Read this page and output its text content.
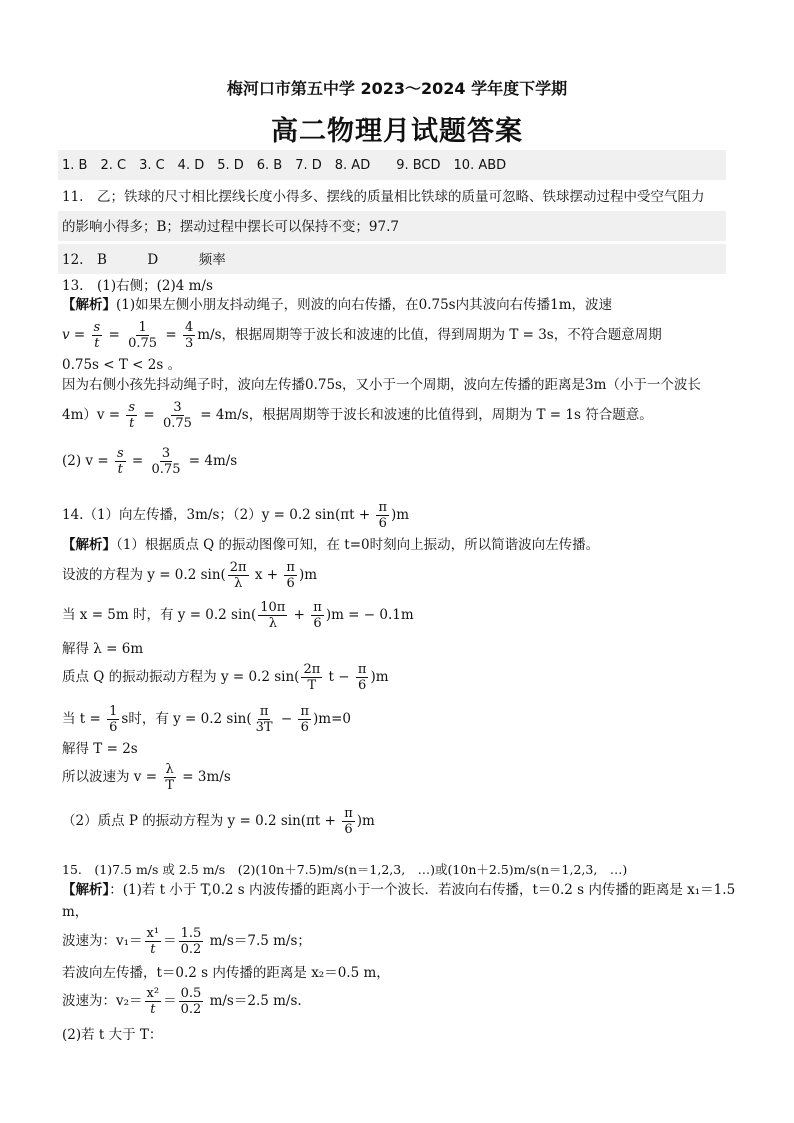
梅河口市第五中学 2023～2024 学年度下学期
高二物理月试题答案
1. B　2. C　3. C　4. D　5. D　6. B　7. D　8. AD　　9. BCD　10. ABD
11.　乙；铁球的尺寸相比摆线长度小得多、摆线的质量相比铁球的质量可忽略、铁球摆动过程中受空气阻力
的影响小得多；B；摆动过程中摆长可以保持不变；97.7
12.　B　　　D　　　频率
13.　(1)右侧；(2)4 m/s
【解析】(1)如果左侧小朋友抖动绳子，则波的向右传播，在0.75s内其波向右传播1m，波速
$v = \frac{s}{t} = \frac{1}{0.75} = \frac{4}{3} m/s$，根据周期等于波长和波速的比值，得到周期为 T = 3s，不符合题意周期
0.75s < T < 2s 。
因为右侧小孩先抖动绳子时，波向左传播0.75s，又小于一个周期，波向左传播的距离是3m（小于一个波长
$4m)v = \frac{s}{t} = \frac{3}{0.75} = 4m/s$，根据周期等于波长和波速的比值得到，周期为 T = 1s 符合题意。
(2) $v = \frac{s}{t} = \frac{3}{0.75} = 4m/s$
14.（1）向左传播，3m/s；（2）y = 0.2 $\sin(\pi t + \frac{\pi}{6} )m$
【解析】（1）根据质点 Q 的振动图像可知，在 t=0时刻向上振动，所以简谐波向左传播。
设波的方程为 y = 0.2 $\sin( \frac{2\pi}{\lambda}$ $x + \frac{\pi}{6} )m$
当 x = 5m 时，有 y = 0.2 $\sin( \frac{10\pi}{\lambda} + \frac{\pi}{6} )m$ = − 0.1m
解得 λ = 6m
质点 Q 的振动振动方程为 y = 0.2 $\sin( \frac{2\pi}{T}$ $t - \frac{\pi}{6} )m$
当 $t = \frac{1}{6}$ s时，有 y = 0.2 $\sin( \frac{\pi}{3T} - \frac{\pi}{6} )m=0$
解得 T = 2s
所以波速为 $v = \frac{\lambda}{T} = 3m/s$
（2）质点 P 的振动方程为 y = 0.2 $\sin(\pi t + \frac{\pi}{6} )m$
15.　(1)7.5 m/s 或 2.5 m/s　(2)(10n＋7.5)m/s(n＝1,2,3,　…)或(10n＋2.5)m/s(n＝1,2,3,　…)
【解析】：(1)若 t 小于 T,0.2 s 内波传播的距离小于一个波长．若波向右传播，t＝0.2 s 内传播的距离是 x₁＝1.5
m，
波速为：$v_1= \frac{\text{x¹}}{t} = \frac{1.5}{0.2} m/s=7.5$ m/s；
若波向左传播，t＝0.2 s 内传播的距离是 x₂＝0.5 m，
波速为：$v_2= \frac{\text{x²}}{t} = \frac{0.5}{0.2} m/s=2.5$ m/s.
(2)若 t 大于 T：
